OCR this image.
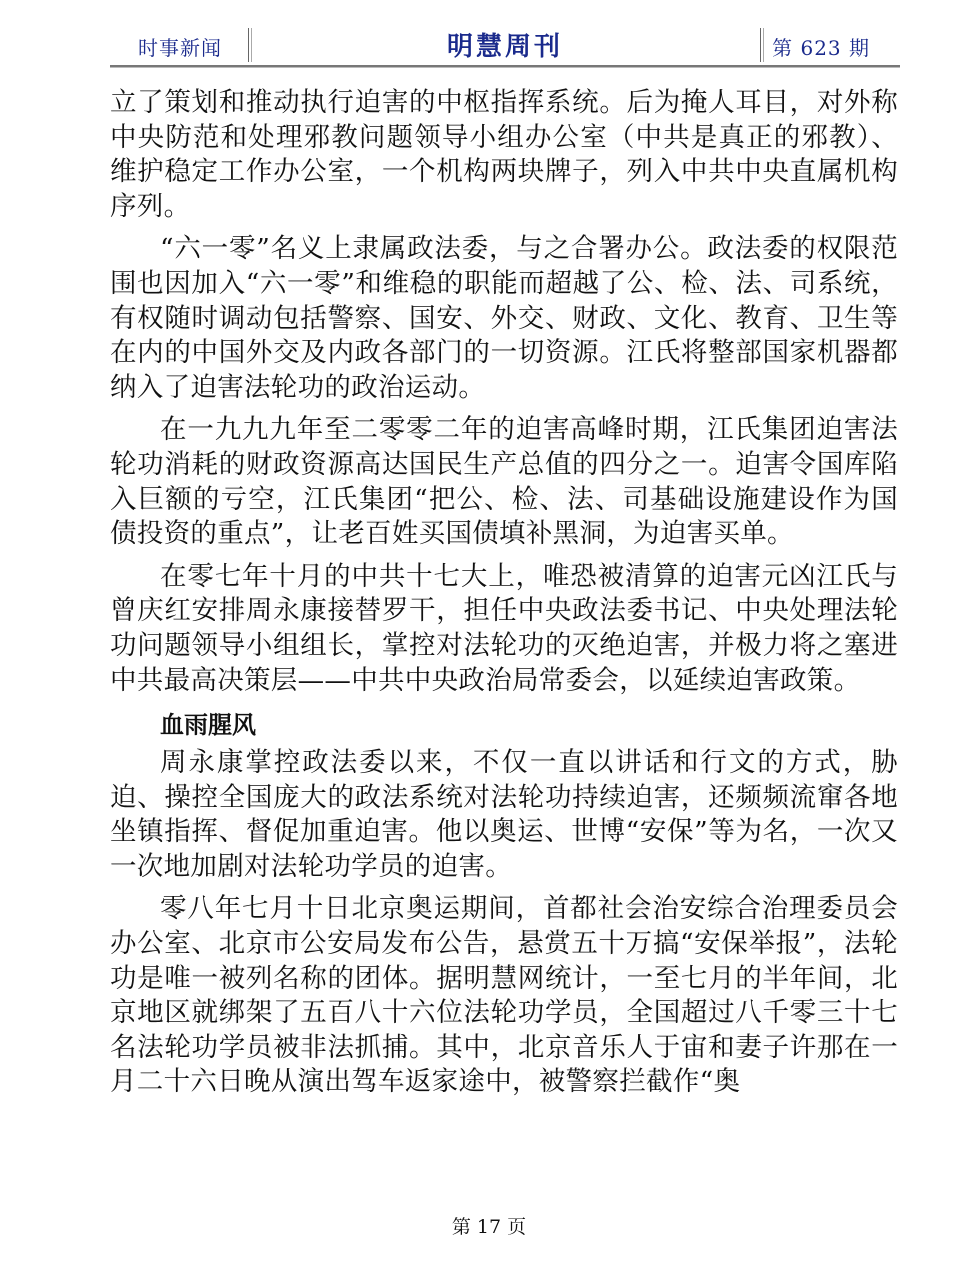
时事新闻	明慧周刊	第 623 期

立了策划和推动执行迫害的中枢指挥系统。后为掩人耳目，对外称中央防范和处理邪教问题领导小组办公室（中共是真正的邪教）、维护稳定工作办公室，一个机构两块牌子，列入中共中央直属机构序列。

“六一零”名义上隶属政法委，与之合署办公。政法委的权限范围也因加入“六一零”和维稳的职能而超越了公、检、法、司系统，有权随时调动包括警察、国安、外交、财政、文化、教育、卫生等在内的中国外交及内政各部门的一切资源。江氏将整部国家机器都纳入了迫害法轮功的政治运动。

在一九九九年至二零零二年的迫害高峰时期，江氏集团迫害法轮功消耗的财政资源高达国民生产总值的四分之一。迫害令国库陷入巨额的亏空，江氏集团“把公、检、法、司基础设施建设作为国债投资的重点”，让老百姓买国债填补黑洞，为迫害买单。

在零七年十月的中共十七大上，唯恐被清算的迫害元凶江氏与曾庆红安排周永康接替罗干，担任中央政法委书记、中央处理法轮功问题领导小组组长，掌控对法轮功的灭绝迫害，并极力将之塞进中共最高决策层——中共中央政治局常委会，以延续迫害政策。

血雨腥风

周永康掌控政法委以来，不仅一直以讲话和行文的方式，胁迫、操控全国庞大的政法系统对法轮功持续迫害，还频频流窜各地坐镇指挥、督促加重迫害。他以奥运、世博“安保”等为名，一次又一次地加剧对法轮功学员的迫害。

零八年七月十日北京奥运期间，首都社会治安综合治理委员会办公室、北京市公安局发布公告，悬赏五十万搞“安保举报”，法轮功是唯一被列名称的团体。据明慧网统计，一至七月的半年间，北京地区就绑架了五百八十六位法轮功学员，全国超过八千零三十七名法轮功学员被非法抓捕。其中，北京音乐人于宙和妻子许那在一月二十六日晚从演出驾车返家途中，被警察拦截作“奥

第 17 页
